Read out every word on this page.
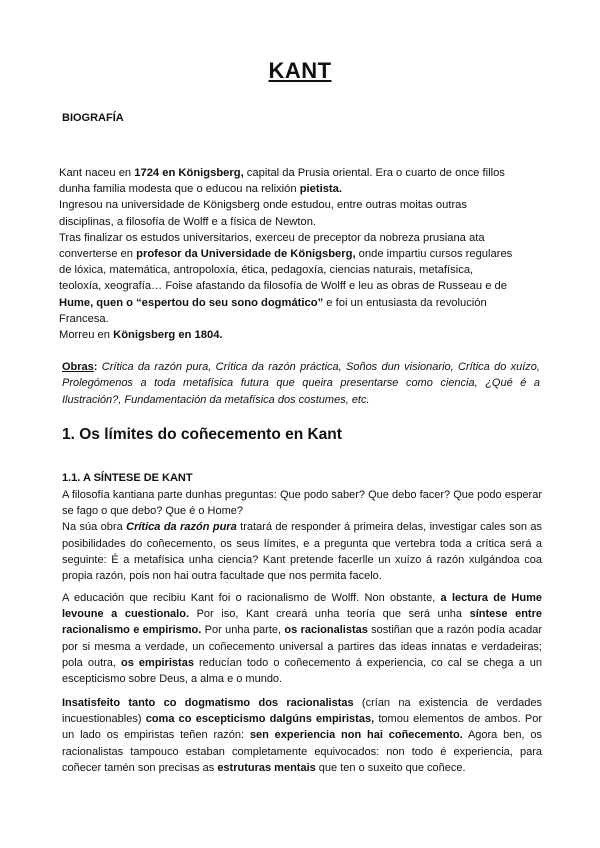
KANT
BIOGRAFÍA

Kant naceu en 1724 en Königsberg, capital da Prusia oriental. Era o cuarto de once fillos

dunha familia modesta que o educou na relixión pietista.

Ingresou na universidade de Königsberg onde estudou, entre outras moitas outras

disciplinas, a filosofía de Wolff e a física de Newton.

Tras finalizar os estudos universitarios, exerceu de preceptor da nobreza prusiana ata

converterse en profesor da Universidade de Königsberg, onde impartiu cursos regulares

de lóxica, matemática, antropoloxía, ética, pedagoxía, ciencias naturais, metafísica,

teoloxía, xeografía… Foise afastando da filosofía de Wolff e leu as obras de Russeau e de

Hume, quen o “espertou do seu sono dogmático” e foi un entusiasta da revolución

Francesa.

Morreu en Königsberg en 1804.

Obras: Crítica da razón pura, Crítica da razón práctica, Soños dun visionario, Crítica do xuízo, Prolegómenos a toda metafísica futura que queira presentarse como ciencia, ¿Qué é a Ilustración?, Fundamentación da metafísica dos costumes, etc.
1. Os límites do coñecemento en Kant
1.1. A SÍNTESE DE KANT

A filosofía kantiana parte dunhas preguntas: Que podo saber? Que debo facer? Que podo esperar se fago o que debo? Que é o Home?

Na súa obra Crítica da razón pura tratará de responder á primeira delas, investigar cales son as posibilidades do coñecemento, os seus límites, e a pregunta que vertebra toda a crítica será a seguinte: É a metafísica unha ciencia? Kant pretende facerlle un xuízo á razón xulgándoa coa propia razón, pois non hai outra facultade que nos permita facelo.

A educación que recibiu Kant foi o racionalismo de Wolff. Non obstante, a lectura de Hume levoune a cuestionalo. Por iso, Kant creará unha teoría que será unha síntese entre racionalismo e empirismo. Por unha parte, os racionalistas sostiñan que a razón podía acadar por si mesma a verdade, un coñecemento universal a partires das ideas innatas e verdadeiras; pola outra, os empiristas reducían todo o coñecemento á experiencia, co cal se chega a un escepticismo sobre Deus, a alma e o mundo.

Insatisfeito tanto co dogmatismo dos racionalistas (crían na existencia de verdades incuestionables) coma co escepticismo dalgúns empiristas, tomou elementos de ambos. Por un lado os empiristas teñen razón: sen experiencia non hai coñecemento. Agora ben, os racionalistas tampouco estaban completamente equivocados: non todo é experiencia, para coñecer tamén son precisas as estruturas mentais que ten o suxeito que coñece.
